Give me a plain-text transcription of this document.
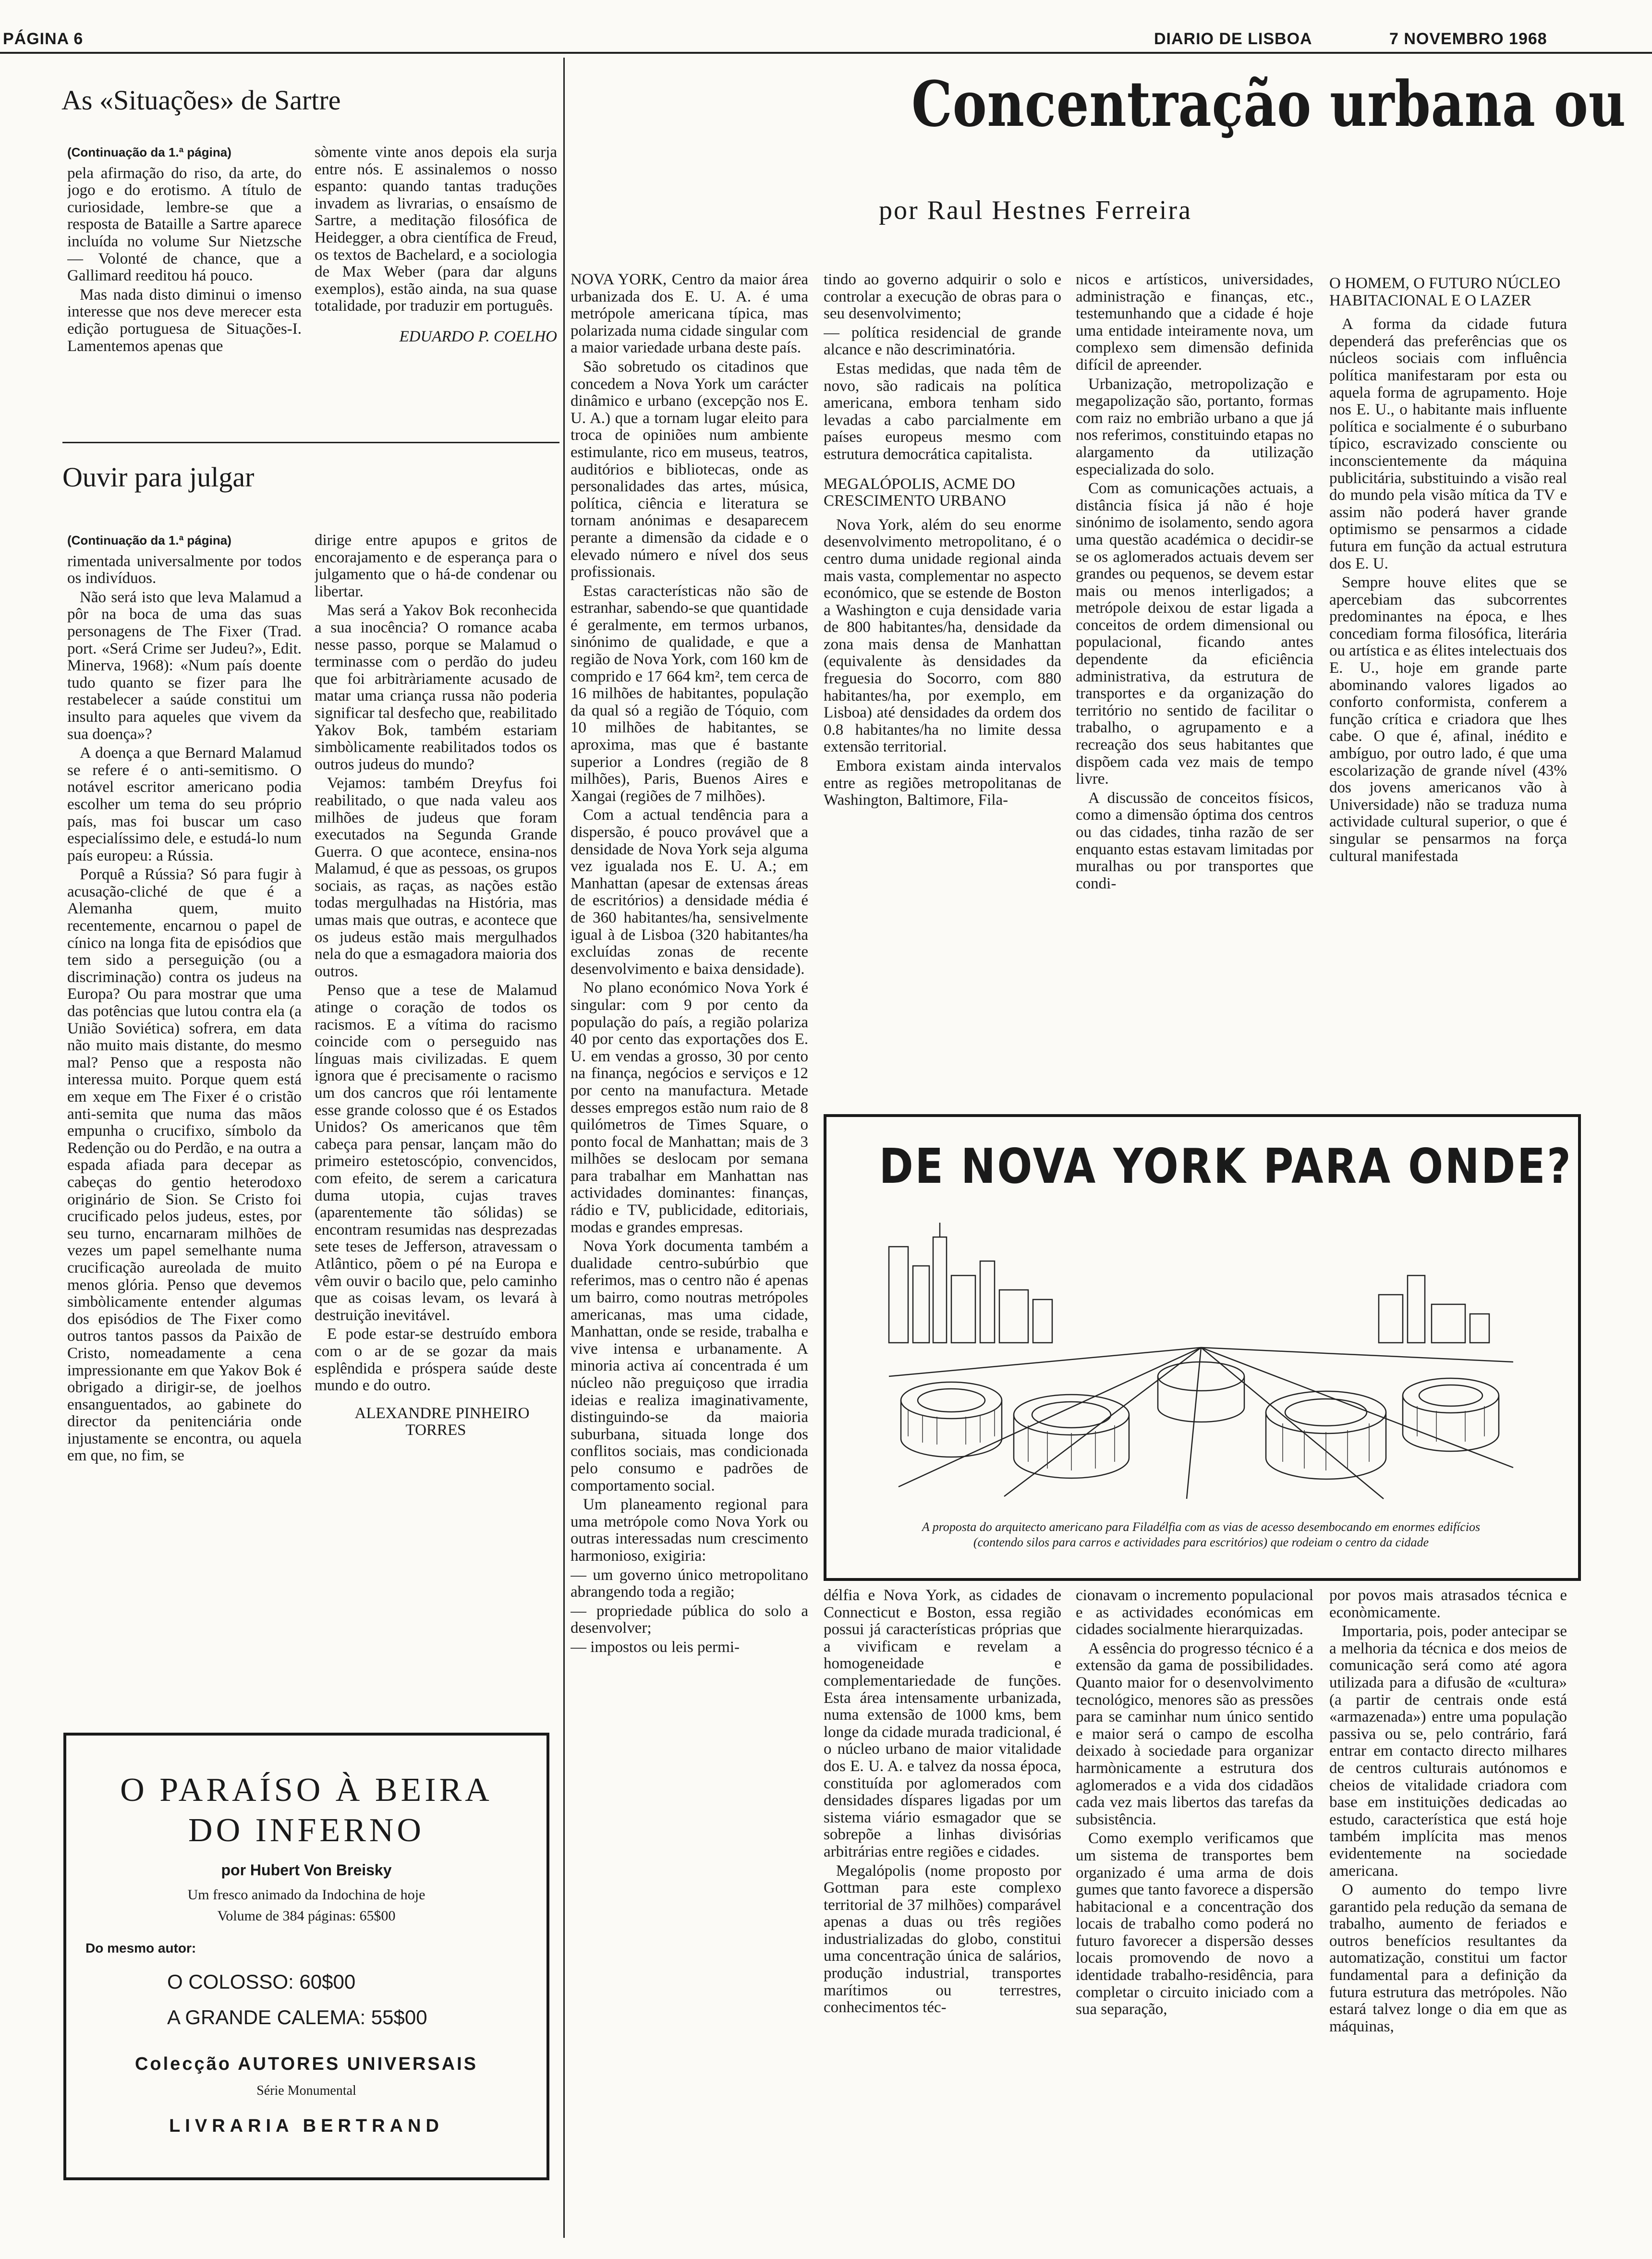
PÁGINA 6	DIARIO DE LISBOA	7 NOVEMBRO 1968
As «Situações» de Sartre

(Continuação da 1.ª página)

pela afirmação do riso, da arte, do jogo e do erotismo. A título de curiosidade, lembre-se que a resposta de Bataille a Sartre aparece incluída no volume Sur Nietzsche — Volonté de chance, que a Gallimard reeditou há pouco.

Mas nada disto diminui o imenso interesse que nos deve merecer esta edição portuguesa de Situações-I. Lamentemos apenas que

sòmente vinte anos depois ela surja entre nós. E assinalemos o nosso espanto: quando tantas traduções invadem as livrarias, o ensaísmo de Sartre, a meditação filosófica de Heidegger, a obra científica de Freud, os textos de Bachelard, e a sociologia de Max Weber (para dar alguns exemplos), estão ainda, na sua quase totalidade, por traduzir em português.

EDUARDO P. COELHO

Ouvir para julgar

(Continuação da 1.ª página)

rimentada universalmente por todos os indivíduos.

Não será isto que leva Malamud a pôr na boca de uma das suas personagens de The Fixer (Trad. port. «Será Crime ser Judeu?», Edit. Minerva, 1968): «Num país doente tudo quanto se fizer para lhe restabelecer a saúde constitui um insulto para aqueles que vivem da sua doença»?

A doença a que Bernard Malamud se refere é o anti-semitismo. O notável escritor americano podia escolher um tema do seu próprio país, mas foi buscar um caso especialíssimo dele, e estudá-lo num país europeu: a Rússia.

Porquê a Rússia? Só para fugir à acusação-cliché de que é a Alemanha quem, muito recentemente, encarnou o papel de cínico na longa fita de episódios que tem sido a perseguição (ou a discriminação) contra os judeus na Europa? Ou para mostrar que uma das potências que lutou contra ela (a União Soviética) sofrera, em data não muito mais distante, do mesmo mal? Penso que a resposta não interessa muito. Porque quem está em xeque em The Fixer é o cristão anti-semita que numa das mãos empunha o crucifixo, símbolo da Redenção ou do Perdão, e na outra a espada afiada para decepar as cabeças do gentio heterodoxo originário de Sion. Se Cristo foi crucificado pelos judeus, estes, por seu turno, encarnaram milhões de vezes um papel semelhante numa crucificação aureolada de muito menos glória. Penso que devemos simbòlicamente entender algumas dos episódios de The Fixer como outros tantos passos da Paixão de Cristo, nomeadamente a cena impressionante em que Yakov Bok é obrigado a dirigir-se, de joelhos ensanguentados, ao gabinete do director da penitenciária onde injustamente se encontra, ou aquela em que, no fim, se

dirige entre apupos e gritos de encorajamento e de esperança para o julgamento que o há-de condenar ou libertar.

Mas será a Yakov Bok reconhecida a sua inocência? O romance acaba nesse passo, porque se Malamud o terminasse com o perdão do judeu que foi arbitràriamente acusado de matar uma criança russa não poderia significar tal desfecho que, reabilitado Yakov Bok, também estariam simbòlicamente reabilitados todos os outros judeus do mundo?

Vejamos: também Dreyfus foi reabilitado, o que nada valeu aos milhões de judeus que foram executados na Segunda Grande Guerra. O que acontece, ensina-nos Malamud, é que as pessoas, os grupos sociais, as raças, as nações estão todas mergulhadas na História, mas umas mais que outras, e acontece que os judeus estão mais mergulhados nela do que a esmagadora maioria dos outros.

Penso que a tese de Malamud atinge o coração de todos os racismos. E a vítima do racismo coincide com o perseguido nas línguas mais civilizadas. E quem ignora que é precisamente o racismo um dos cancros que rói lentamente esse grande colosso que é os Estados Unidos? Os americanos que têm cabeça para pensar, lançam mão do primeiro estetoscópio, convencidos, com efeito, de serem a caricatura duma utopia, cujas traves (aparentemente tão sólidas) se encontram resumidas nas desprezadas sete teses de Jefferson, atravessam o Atlântico, põem o pé na Europa e vêm ouvir o bacilo que, pelo caminho que as coisas levam, os levará à destruição inevitável.

E pode estar-se destruído embora com o ar de se gozar da mais esplêndida e próspera saúde deste mundo e do outro.

ALEXANDRE PINHEIRO TORRES

O PARAÍSO À BEIRA
DO INFERNO
por Hubert Von Breisky
Um fresco animado da Indochina de hoje
Volume de 384 páginas: 65$00
Do mesmo autor:
O COLOSSO: 60$00
A GRANDE CALEMA: 55$00
Colecção AUTORES UNIVERSAIS
Série Monumental
LIVRARIA BERTRAND
Concentração urbana ou
por Raul Hestnes Ferreira

NOVA YORK, Centro da maior área urbanizada dos E. U. A. é uma metrópole americana típica, mas polarizada numa cidade singular com a maior variedade urbana deste país.

São sobretudo os citadinos que concedem a Nova York um carácter dinâmico e urbano (excepção nos E. U. A.) que a tornam lugar eleito para troca de opiniões num ambiente estimulante, rico em museus, teatros, auditórios e bibliotecas, onde as personalidades das artes, música, política, ciência e literatura se tornam anónimas e desaparecem perante a dimensão da cidade e o elevado número e nível dos seus profissionais.

Estas características não são de estranhar, sabendo-se que quantidade é geralmente, em termos urbanos, sinónimo de qualidade, e que a região de Nova York, com 160 km de comprido e 17 664 km², tem cerca de 16 milhões de habitantes, população da qual só a região de Tóquio, com 10 milhões de habitantes, se aproxima, mas que é bastante superior a Londres (região de 8 milhões), Paris, Buenos Aires e Xangai (regiões de 7 milhões).

Com a actual tendência para a dispersão, é pouco provável que a densidade de Nova York seja alguma vez igualada nos E. U. A.; em Manhattan (apesar de extensas áreas de escritórios) a densidade média é de 360 habitantes/ha, sensivelmente igual à de Lisboa (320 habitantes/ha excluídas zonas de recente desenvolvimento e baixa densidade).

No plano económico Nova York é singular: com 9 por cento da população do país, a região polariza 40 por cento das exportações dos E. U. em vendas a grosso, 30 por cento na finança, negócios e serviços e 12 por cento na manufactura. Metade desses empregos estão num raio de 8 quilómetros de Times Square, o ponto focal de Manhattan; mais de 3 milhões se deslocam por semana para trabalhar em Manhattan nas actividades dominantes: finanças, rádio e TV, publicidade, editoriais, modas e grandes empresas.

Nova York documenta também a dualidade centro-subúrbio que referimos, mas o centro não é apenas um bairro, como noutras metrópoles americanas, mas uma cidade, Manhattan, onde se reside, trabalha e vive intensa e urbanamente. A minoria activa aí concentrada é um núcleo não preguiçoso que irradia ideias e realiza imaginativamente, distinguindo-se da maioria suburbana, situada longe dos conflitos sociais, mas condicionada pelo consumo e padrões de comportamento social.

Um planeamento regional para uma metrópole como Nova York ou outras interessadas num crescimento harmonioso, exigiria:

— um governo único metropolitano abrangendo toda a região;

— propriedade pública do solo a desenvolver;

— impostos ou leis permi-

tindo ao governo adquirir o solo e controlar a execução de obras para o seu desenvolvimento;

— política residencial de grande alcance e não descriminatória.

Estas medidas, que nada têm de novo, são radicais na política americana, embora tenham sido levadas a cabo parcialmente em países europeus mesmo com estrutura democrática capitalista.

MEGALÓPOLIS, ACME DO CRESCIMENTO URBANO

Nova York, além do seu enorme desenvolvimento metropolitano, é o centro duma unidade regional ainda mais vasta, complementar no aspecto económico, que se estende de Boston a Washington e cuja densidade varia de 800 habitantes/ha, densidade da zona mais densa de Manhattan (equivalente às densidades da freguesia do Socorro, com 880 habitantes/ha, por exemplo, em Lisboa) até densidades da ordem dos 0.8 habitantes/ha no limite dessa extensão territorial.

Embora existam ainda intervalos entre as regiões metropolitanas de Washington, Baltimore, Fila-

nicos e artísticos, universidades, administração e finanças, etc., testemunhando que a cidade é hoje uma entidade inteiramente nova, um complexo sem dimensão definida difícil de apreender.

Urbanização, metropolização e megapolização são, portanto, formas com raiz no embrião urbano a que já nos referimos, constituindo etapas no alargamento da utilização especializada do solo.

Com as comunicações actuais, a distância física já não é hoje sinónimo de isolamento, sendo agora uma questão académica o decidir-se se os aglomerados actuais devem ser grandes ou pequenos, se devem estar mais ou menos interligados; a metrópole deixou de estar ligada a conceitos de ordem dimensional ou populacional, ficando antes dependente da eficiência administrativa, da estrutura de transportes e da organização do território no sentido de facilitar o trabalho, o agrupamento e a recreação dos seus habitantes que dispõem cada vez mais de tempo livre.

A discussão de conceitos físicos, como a dimensão óptima dos centros ou das cidades, tinha razão de ser enquanto estas estavam limitadas por muralhas ou por transportes que condi-

O HOMEM, O FUTURO NÚCLEO HABITACIONAL E O LAZER

A forma da cidade futura dependerá das preferências que os núcleos sociais com influência política manifestaram por esta ou aquela forma de agrupamento. Hoje nos E. U., o habitante mais influente política e socialmente é o suburbano típico, escravizado consciente ou inconscientemente da máquina publicitária, substituindo a visão real do mundo pela visão mítica da TV e assim não poderá haver grande optimismo se pensarmos a cidade futura em função da actual estrutura dos E. U.

Sempre houve elites que se apercebiam das subcorrentes predominantes na época, e lhes concediam forma filosófica, literária ou artística e as élites intelectuais dos E. U., hoje em grande parte abominando valores ligados ao conforto conformista, conferem a função crítica e criadora que lhes cabe. O que é, afinal, inédito e ambíguo, por outro lado, é que uma escolarização de grande nível (43% dos jovens americanos vão à Universidade) não se traduza numa actividade cultural superior, o que é singular se pensarmos na força cultural manifestada

DE NOVA YORK PARA ONDE?
A proposta do arquitecto americano para Filadélfia com as vias de acesso desembocando em enormes edifícios (contendo silos para carros e actividades para escritórios) que rodeiam o centro da cidade

délfia e Nova York, as cidades de Connecticut e Boston, essa região possui já características próprias que a vivificam e revelam a homogeneidade e complementariedade de funções. Esta área intensamente urbanizada, numa extensão de 1000 kms, bem longe da cidade murada tradicional, é o núcleo urbano de maior vitalidade dos E. U. A. e talvez da nossa época, constituída por aglomerados com densidades díspares ligadas por um sistema viário esmagador que se sobrepõe a linhas divisórias arbitrárias entre regiões e cidades.

Megalópolis (nome proposto por Gottman para este complexo territorial de 37 milhões) comparável apenas a duas ou três regiões industrializadas do globo, constitui uma concentração única de salários, produção industrial, transportes marítimos ou terrestres, conhecimentos téc-

cionavam o incremento populacional e as actividades económicas em cidades socialmente hierarquizadas.

A essência do progresso técnico é a extensão da gama de possibilidades. Quanto maior for o desenvolvimento tecnológico, menores são as pressões para se caminhar num único sentido e maior será o campo de escolha deixado à sociedade para organizar harmònicamente a estrutura dos aglomerados e a vida dos cidadãos cada vez mais libertos das tarefas da subsistência.

Como exemplo verificamos que um sistema de transportes bem organizado é uma arma de dois gumes que tanto favorece a dispersão habitacional e a concentração dos locais de trabalho como poderá no futuro favorecer a dispersão desses locais promovendo de novo a identidade trabalho-residência, para completar o circuito iniciado com a sua separação,

por povos mais atrasados técnica e econòmicamente.

Importaria, pois, poder antecipar se a melhoria da técnica e dos meios de comunicação será como até agora utilizada para a difusão de «cultura» (a partir de centrais onde está «armazenada») entre uma população passiva ou se, pelo contrário, fará entrar em contacto directo milhares de centros culturais autónomos e cheios de vitalidade criadora com base em instituições dedicadas ao estudo, característica que está hoje também implícita mas menos evidentemente na sociedade americana.

O aumento do tempo livre garantido pela redução da semana de trabalho, aumento de feriados e outros benefícios resultantes da automatização, constitui um factor fundamental para a definição da futura estrutura das metrópoles. Não estará talvez longe o dia em que as máquinas,
